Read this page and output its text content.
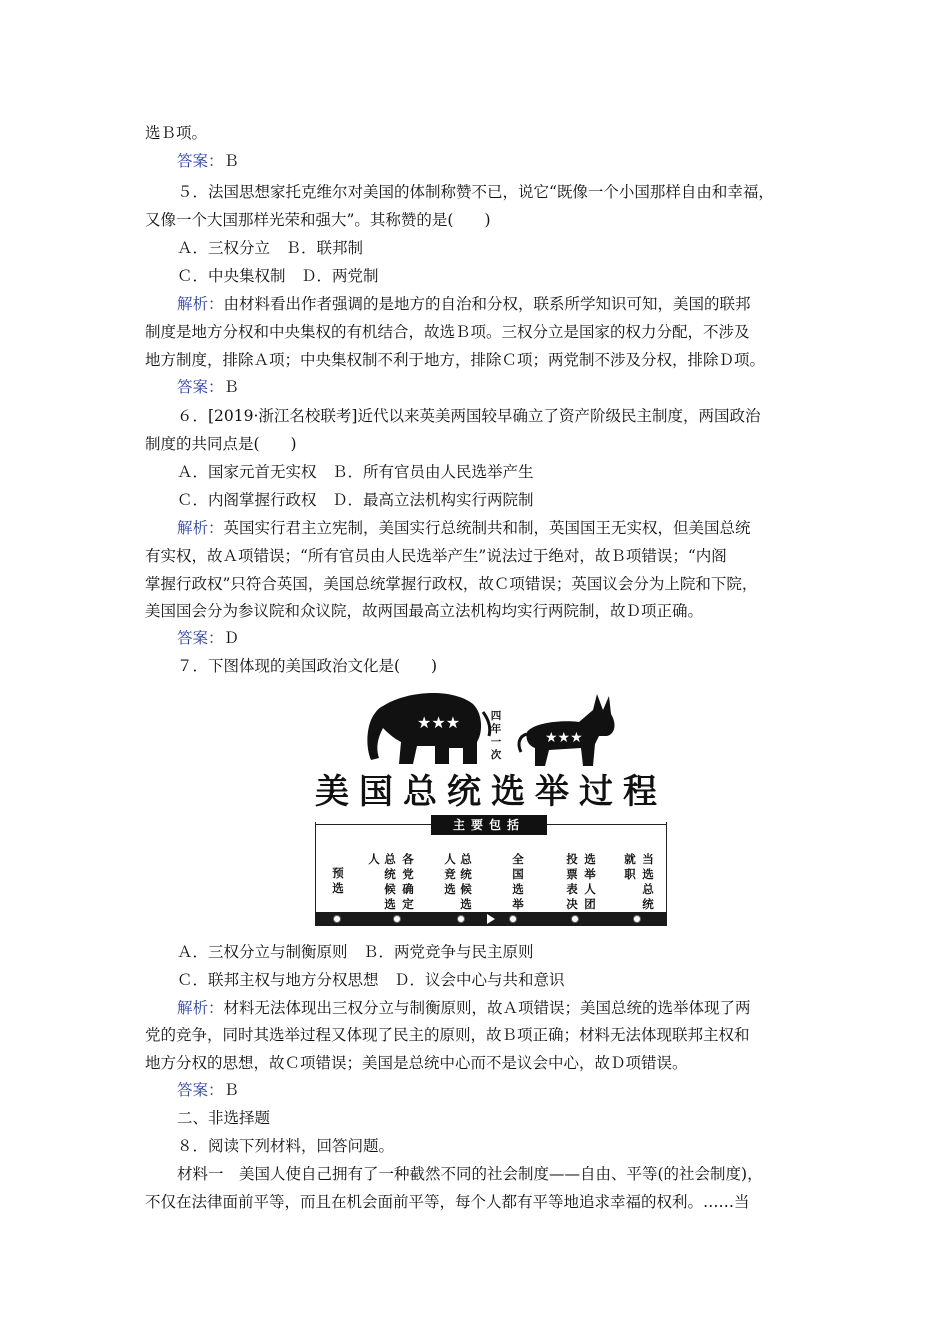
选Ｂ项。
答案：Ｂ
５．法国思想家托克维尔对美国的体制称赞不已，说它“既像一个小国那样自由和幸福，
又像一个大国那样光荣和强大”。其称赞的是(　　)
Ａ．三权分立　Ｂ．联邦制
Ｃ．中央集权制　Ｄ．两党制
解析：由材料看出作者强调的是地方的自治和分权，联系所学知识可知，美国的联邦
制度是地方分权和中央集权的有机结合，故选Ｂ项。三权分立是国家的权力分配，不涉及
地方制度，排除Ａ项；中央集权制不利于地方，排除Ｃ项；两党制不涉及分权，排除Ｄ项。
答案：Ｂ
６．[2019·浙江名校联考]近代以来英美两国较早确立了资产阶级民主制度，两国政治
制度的共同点是(　　)
Ａ．国家元首无实权　Ｂ．所有官员由人民选举产生
Ｃ．内阁掌握行政权　Ｄ．最高立法机构实行两院制
解析：英国实行君主立宪制，美国实行总统制共和制，英国国王无实权，但美国总统
有实权，故Ａ项错误；“所有官员由人民选举产生”说法过于绝对，故Ｂ项错误；“内阁
掌握行政权”只符合英国，美国总统掌握行政权，故Ｃ项错误；英国议会分为上院和下院，
美国国会分为参议院和众议院，故两国最高立法机构均实行两院制，故Ｄ项正确。
答案：Ｄ
７．下图体现的美国政治文化是(　　)
★★★
★★★
四
年
一
次
美国总统选举过程
主要包括
预
选
人 总
统
候
选
各
党
确
定
人
竞
选
总
统
候
选
全
国
选
举
投
票
表
决
选
举
人
团
就
职
当
选
总
统
Ａ．三权分立与制衡原则　Ｂ．两党竞争与民主原则
Ｃ．联邦主权与地方分权思想　Ｄ．议会中心与共和意识
解析：材料无法体现出三权分立与制衡原则，故Ａ项错误；美国总统的选举体现了两
党的竞争，同时其选举过程又体现了民主的原则，故Ｂ项正确；材料无法体现联邦主权和
地方分权的思想，故Ｃ项错误；美国是总统中心而不是议会中心，故Ｄ项错误。
答案：Ｂ
二、非选择题
８．阅读下列材料，回答问题。
材料一　美国人使自己拥有了一种截然不同的社会制度——自由、平等(的社会制度)，
不仅在法律面前平等，而且在机会面前平等，每个人都有平等地追求幸福的权利。……当
